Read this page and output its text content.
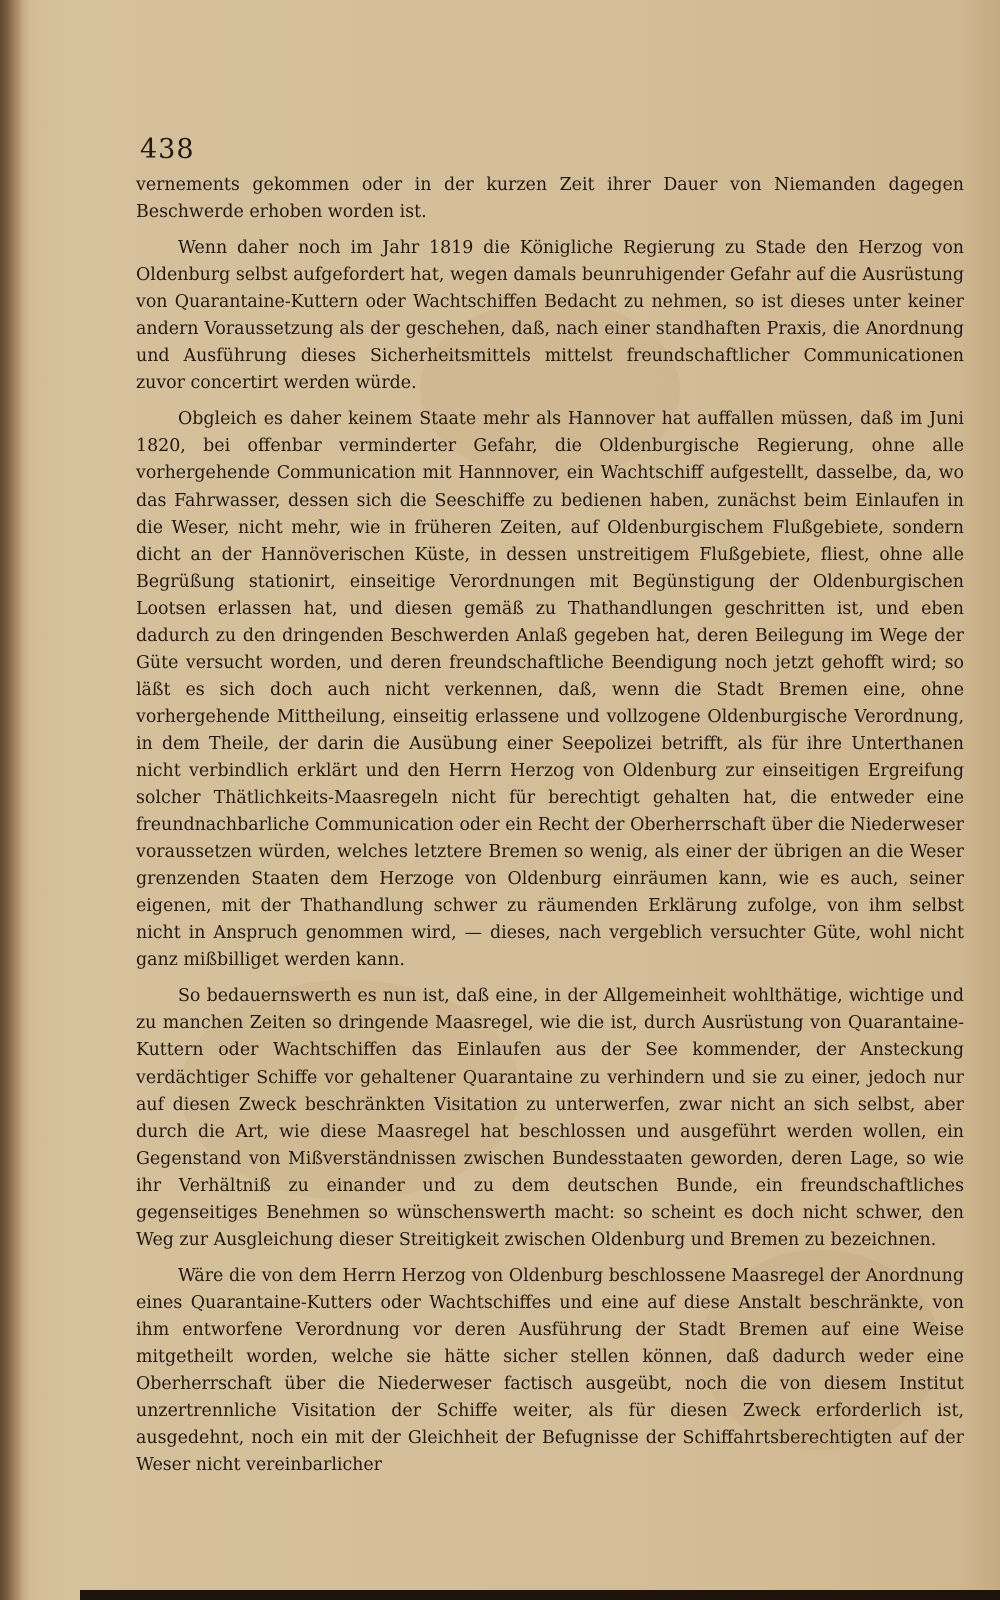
438

vernements gekommen oder in der kurzen Zeit ihrer Dauer von Niemanden dagegen Beschwerde erhoben worden ist.

Wenn daher noch im Jahr 1819 die Königliche Regierung zu Stade den Herzog von Oldenburg selbst aufgefordert hat, wegen damals beunruhigender Gefahr auf die Ausrüstung von Quarantaine-Kuttern oder Wachtschiffen Bedacht zu nehmen, so ist dieses unter keiner andern Voraussetzung als der geschehen, daß, nach einer standhaften Praxis, die Anordnung und Ausführung dieses Sicherheitsmittels mittelst freundschaftlicher Communicationen zuvor concertirt werden würde.

Obgleich es daher keinem Staate mehr als Hannover hat auffallen müssen, daß im Juni 1820, bei offenbar verminderter Gefahr, die Oldenburgische Regierung, ohne alle vorhergehende Communication mit Hannnover, ein Wachtschiff aufgestellt, dasselbe, da, wo das Fahrwasser, dessen sich die Seeschiffe zu bedienen haben, zunächst beim Einlaufen in die Weser, nicht mehr, wie in früheren Zeiten, auf Oldenburgischem Flußgebiete, sondern dicht an der Hannöverischen Küste, in dessen unstreitigem Flußgebiete, fliest, ohne alle Begrüßung stationirt, einseitige Verordnungen mit Begünstigung der Oldenburgischen Lootsen erlassen hat, und diesen gemäß zu Thathandlungen geschritten ist, und eben dadurch zu den dringenden Beschwerden Anlaß gegeben hat, deren Beilegung im Wege der Güte versucht worden, und deren freundschaftliche Beendigung noch jetzt gehofft wird; so läßt es sich doch auch nicht verkennen, daß, wenn die Stadt Bremen eine, ohne vorhergehende Mittheilung, einseitig erlassene und vollzogene Oldenburgische Verordnung, in dem Theile, der darin die Ausübung einer Seepolizei betrifft, als für ihre Unterthanen nicht verbindlich erklärt und den Herrn Herzog von Oldenburg zur einseitigen Ergreifung solcher Thätlichkeits-Maasregeln nicht für berechtigt gehalten hat, die entweder eine freundnachbarliche Communication oder ein Recht der Oberherrschaft über die Niederweser voraussetzen würden, welches letztere Bremen so wenig, als einer der übrigen an die Weser grenzenden Staaten dem Herzoge von Oldenburg einräumen kann, wie es auch, seiner eigenen, mit der Thathandlung schwer zu räumenden Erklärung zufolge, von ihm selbst nicht in Anspruch genommen wird, — dieses, nach vergeblich versuchter Güte, wohl nicht ganz mißbilliget werden kann.

So bedauernswerth es nun ist, daß eine, in der Allgemeinheit wohlthätige, wichtige und zu manchen Zeiten so dringende Maasregel, wie die ist, durch Ausrüstung von Quarantaine-Kuttern oder Wachtschiffen das Einlaufen aus der See kommender, der Ansteckung verdächtiger Schiffe vor gehaltener Quarantaine zu verhindern und sie zu einer, jedoch nur auf diesen Zweck beschränkten Visitation zu unterwerfen, zwar nicht an sich selbst, aber durch die Art, wie diese Maasregel hat beschlossen und ausgeführt werden wollen, ein Gegenstand von Mißverständnissen zwischen Bundesstaaten geworden, deren Lage, so wie ihr Verhältniß zu einander und zu dem deutschen Bunde, ein freundschaftliches gegenseitiges Benehmen so wünschenswerth macht: so scheint es doch nicht schwer, den Weg zur Ausgleichung dieser Streitigkeit zwischen Oldenburg und Bremen zu bezeichnen.

Wäre die von dem Herrn Herzog von Oldenburg beschlossene Maasregel der Anordnung eines Quarantaine-Kutters oder Wachtschiffes und eine auf diese Anstalt beschränkte, von ihm entworfene Verordnung vor deren Ausführung der Stadt Bremen auf eine Weise mitgetheilt worden, welche sie hätte sicher stellen können, daß dadurch weder eine Oberherrschaft über die Niederweser factisch ausgeübt, noch die von diesem Institut unzertrennliche Visitation der Schiffe weiter, als für diesen Zweck erforderlich ist, ausgedehnt, noch ein mit der Gleichheit der Befugnisse der Schiffahrtsberechtigten auf der Weser nicht vereinbarlicher
